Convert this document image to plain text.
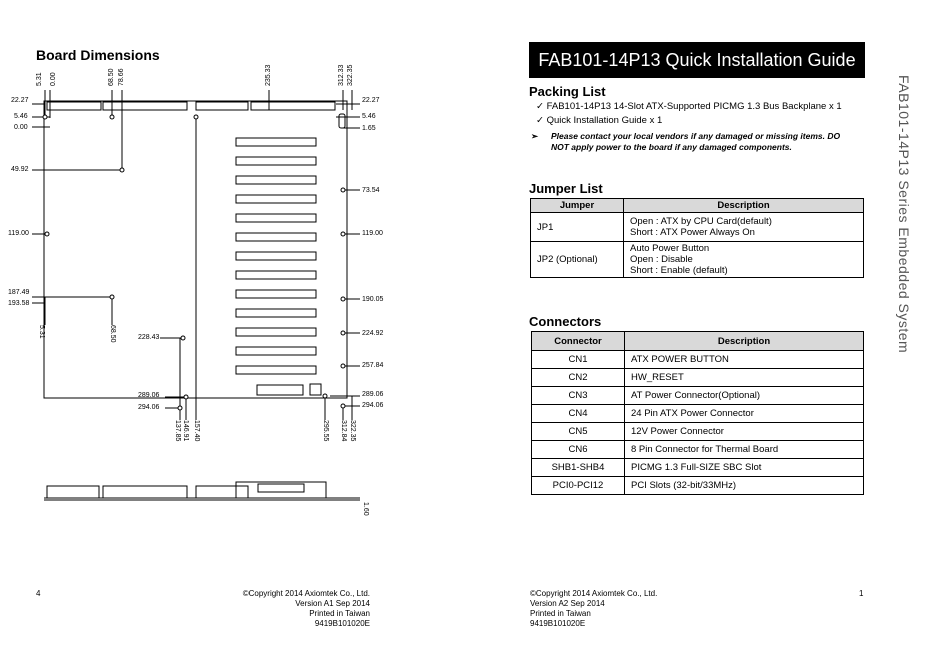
Board Dimensions
5.31 0.00	68.50 78.66	235.33	312.33 322.35
22.27
5.46
0.00
49.92
119.00
187.49
193.58
22.27
5.46
1.65
73.54
119.00
190.05
224.92
257.84
289.06
294.06
228.43
289.06
294.06
5.31	68.50
137.85 146.91 157.40	295.55 312.84 322.35
1.60
4	©Copyright 2014 Axiomtek Co., Ltd.
Version A1 Sep 2014
Printed in Taiwan
9419B101020E
FAB101-14P13 Quick Installation Guide
FAB101-14P13 Series Embedded System
Packing List
✓ FAB101-14P13 14-Slot ATX-Supported PICMG 1.3 Bus Backplane x 1
✓ Quick Installation Guide x 1
➢ Please contact your local vendors if any damaged or missing items. DO
NOT apply power to the board if any damaged components.
Jumper List
Jumper	Description
JP1	Open : ATX by CPU Card(default)
Short : ATX Power Always On

JP2 (Optional)	Auto Power Button
Open : Disable
Short : Enable (default)
Connectors
Connector	Description
CN1	ATX POWER BUTTON
CN2	HW_RESET
CN3	AT Power Connector(Optional)
CN4	24 Pin ATX Power Connector
CN5	12V Power Connector
CN6	8 Pin Connector for Thermal Board
SHB1-SHB4	PICMG 1.3 Full-SIZE SBC Slot
PCI0-PCI12	PCI Slots (32-bit/33MHz)
©Copyright 2014 Axiomtek Co., Ltd.
Version A2 Sep 2014
Printed in Taiwan
9419B101020E
1
